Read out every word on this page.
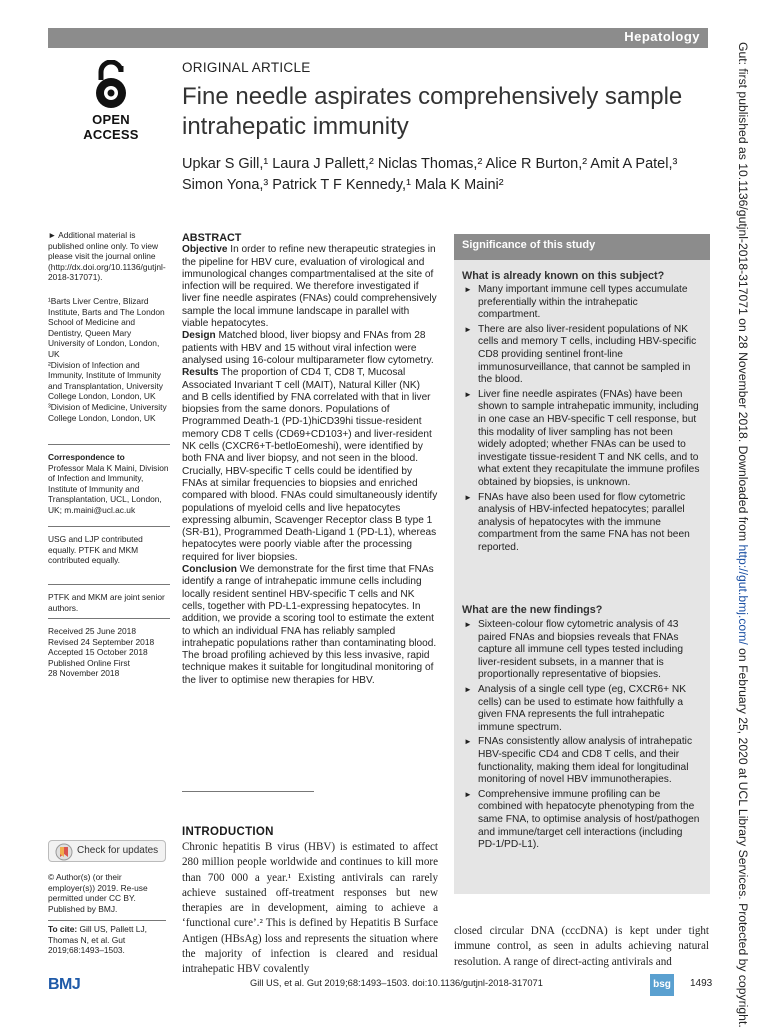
Hepatology
OPEN ACCESS
ORIGINAL ARTICLE
Fine needle aspirates comprehensively sample intrahepatic immunity
Upkar S Gill,¹ Laura J Pallett,² Niclas Thomas,² Alice R Burton,² Amit A Patel,³
Simon Yona,³ Patrick T F Kennedy,¹ Mala K Maini²
► Additional material is published online only. To view please visit the journal online (http://dx.doi.org/10.1136/gutjnl-2018-317071).
¹Barts Liver Centre, Blizard Institute, Barts and The London School of Medicine and Dentistry, Queen Mary University of London, London, UK
²Division of Infection and Immunity, Institute of Immunity and Transplantation, University College London, London, UK
³Division of Medicine, University College London, London, UK
Correspondence to
Professor Mala K Maini, Division of Infection and Immunity, Institute of Immunity and Transplantation, UCL, London, UK; m.maini@ucl.ac.uk
USG and LJP contributed equally. PTFK and MKM contributed equally.
PTFK and MKM are joint senior authors.
Received 25 June 2018
Revised 24 September 2018
Accepted 15 October 2018
Published Online First
28 November 2018
Check for updates
© Author(s) (or their employer(s)) 2019. Re-use permitted under CC BY. Published by BMJ.
To cite: Gill US, Pallett LJ, Thomas N, et al. Gut 2019;68:1493–1503.
ABSTRACT
Objective In order to refine new therapeutic strategies in the pipeline for HBV cure, evaluation of virological and immunological changes compartmentalised at the site of infection will be required. We therefore investigated if liver fine needle aspirates (FNAs) could comprehensively sample the local immune landscape in parallel with viable hepatocytes.
Design Matched blood, liver biopsy and FNAs from 28 patients with HBV and 15 without viral infection were analysed using 16-colour multiparameter flow cytometry.
Results The proportion of CD4 T, CD8 T, Mucosal Associated Invariant T cell (MAIT), Natural Killer (NK) and B cells identified by FNA correlated with that in liver biopsies from the same donors. Populations of Programmed Death-1 (PD-1)hiCD39hi tissue-resident memory CD8 T cells (CD69+CD103+) and liver-resident NK cells (CXCR6+T-betloEomeshi), were identified by both FNA and liver biopsy, and not seen in the blood. Crucially, HBV-specific T cells could be identified by FNAs at similar frequencies to biopsies and enriched compared with blood. FNAs could simultaneously identify populations of myeloid cells and live hepatocytes expressing albumin, Scavenger Receptor class B type 1 (SR-B1), Programmed Death-Ligand 1 (PD-L1), whereas hepatocytes were poorly viable after the processing required for liver biopsies.
Conclusion We demonstrate for the first time that FNAs identify a range of intrahepatic immune cells including locally resident sentinel HBV-specific T cells and NK cells, together with PD-L1-expressing hepatocytes. In addition, we provide a scoring tool to estimate the extent to which an individual FNA has reliably sampled intrahepatic populations rather than contaminating blood. The broad profiling achieved by this less invasive, rapid technique makes it suitable for longitudinal monitoring of the liver to optimise new therapies for HBV.
INTRODUCTION
Chronic hepatitis B virus (HBV) is estimated to affect 280 million people worldwide and continues to kill more than 700 000 a year.¹ Existing antivirals can rarely achieve sustained off-treatment responses but new therapies are in development, aiming to achieve a ‘functional cure’.² This is defined by Hepatitis B Surface Antigen (HBsAg) loss and represents the situation where the majority of infection is cleared and residual intrahepatic HBV covalently
closed circular DNA (cccDNA) is kept under tight immune control, as seen in adults achieving natural resolution. A range of direct-acting antivirals and
Significance of this study
What is already known on this subject?
► Many important immune cell types accumulate preferentially within the intrahepatic compartment.
► There are also liver-resident populations of NK cells and memory T cells, including HBV-specific CD8 providing sentinel front-line immunosurveillance, that cannot be sampled in the blood.
► Liver fine needle aspirates (FNAs) have been shown to sample intrahepatic immunity, including in one case an HBV-specific T cell response, but this modality of liver sampling has not been widely adopted; whether FNAs can be used to investigate tissue-resident T and NK cells, and to what extent they recapitulate the immune profiles obtained by biopsies, is unknown.
► FNAs have also been used for flow cytometric analysis of HBV-infected hepatocytes; parallel analysis of hepatocytes with the immune compartment from the same FNA has not been reported.
What are the new findings?
► Sixteen-colour flow cytometric analysis of 43 paired FNAs and biopsies reveals that FNAs capture all immune cell types tested including liver-resident subsets, in a manner that is proportionally representative of biopsies.
► Analysis of a single cell type (eg, CXCR6+ NK cells) can be used to estimate how faithfully a given FNA represents the full intrahepatic immune spectrum.
► FNAs consistently allow analysis of intrahepatic HBV-specific CD4 and CD8 T cells, and their functionality, making them ideal for longitudinal monitoring of novel HBV immunotherapies.
► Comprehensive immune profiling can be combined with hepatocyte phenotyping from the same FNA, to optimise analysis of host/pathogen and immune/target cell interactions (including PD-1/PD-L1).
Gut: first published as 10.1136/gutjnl-2018-317071 on 28 November 2018. Downloaded from http://gut.bmj.com/ on February 25, 2020 at UCL Library Services. Protected by copyright.
BMJ	Gill US, et al. Gut 2019;68:1493–1503. doi:10.1136/gutjnl-2018-317071	bsg	1493
